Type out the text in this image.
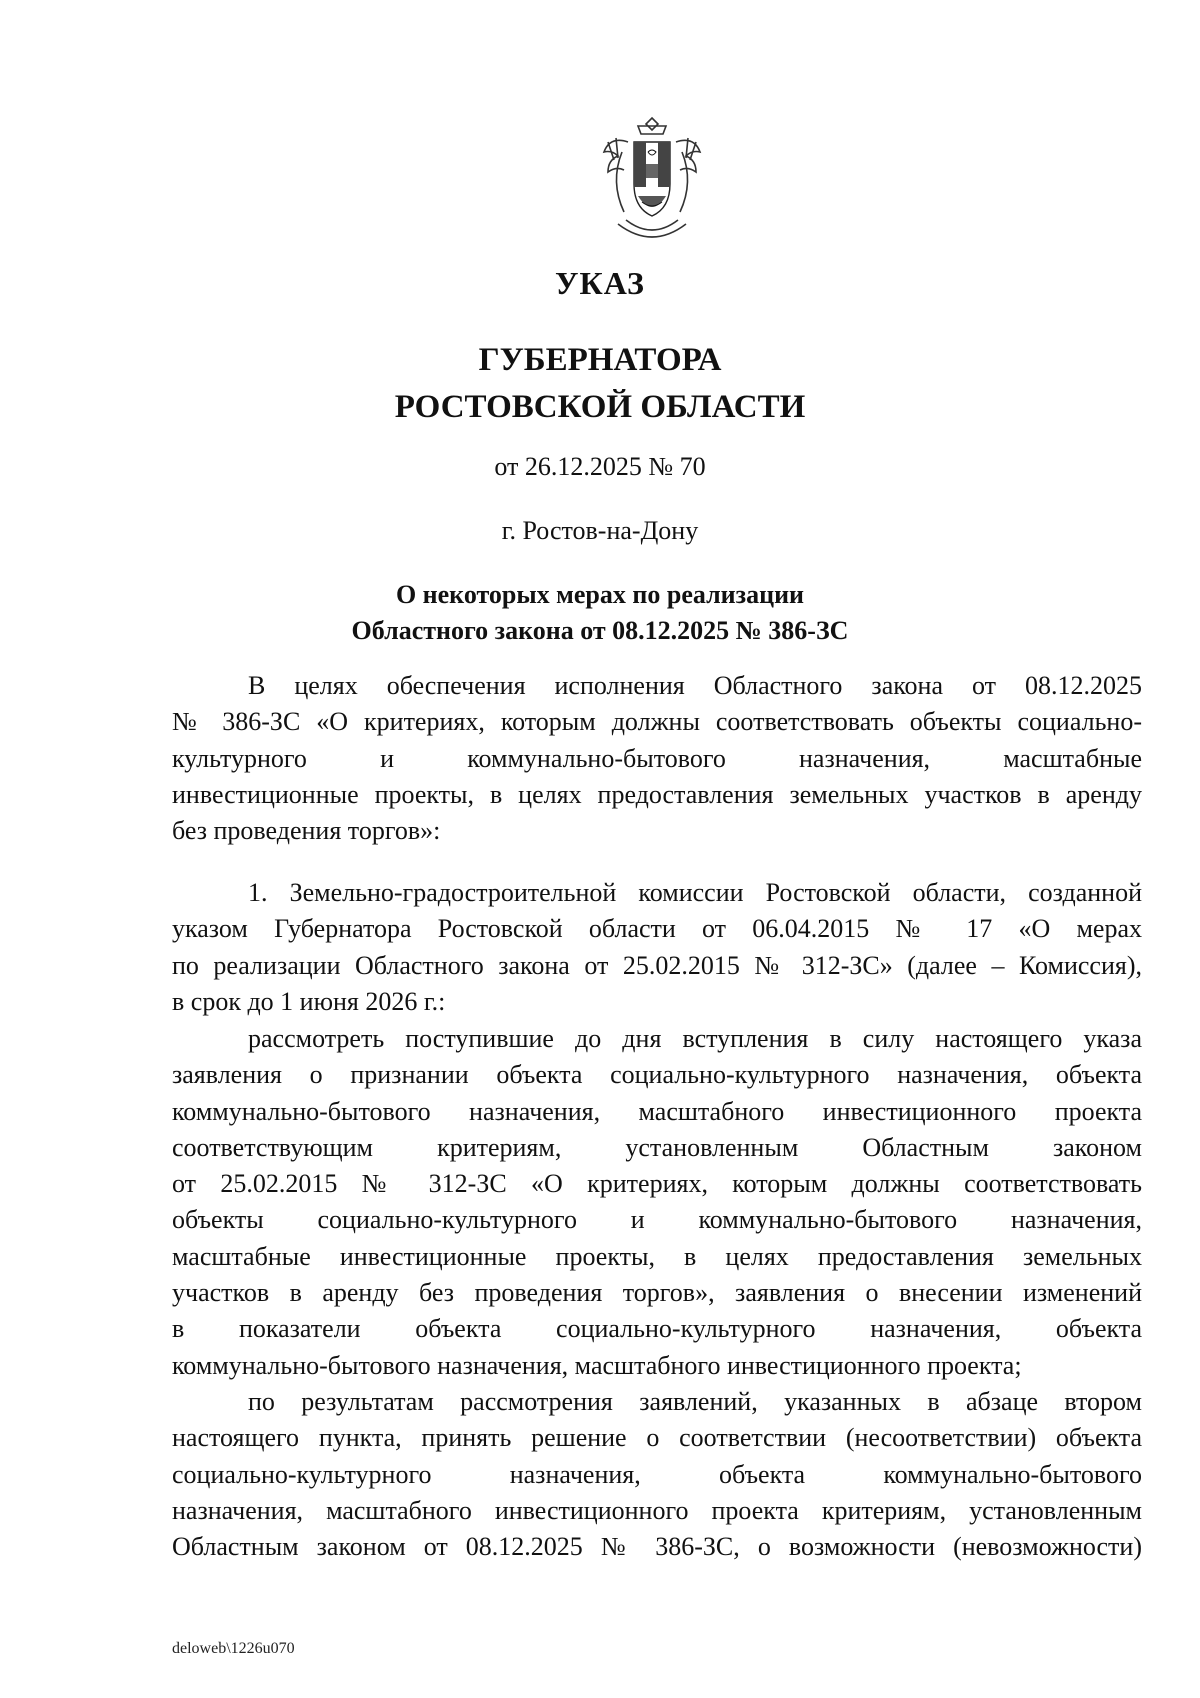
УКАЗ
ГУБЕРНАТОРА
РОСТОВСКОЙ ОБЛАСТИ
от 26.12.2025 № 70
г. Ростов-на-Дону
О некоторых мерах по реализации
Областного закона от 08.12.2025 № 386-ЗС
В целях обеспечения исполнения Областного закона от 08.12.2025
№ 386-ЗС «О критериях, которым должны соответствовать объекты социально-
культурного и коммунально-бытового назначения, масштабные
инвестиционные проекты, в целях предоставления земельных участков в аренду
без проведения торгов»:
1. Земельно-градостроительной комиссии Ростовской области, созданной
указом Губернатора Ростовской области от 06.04.2015 № 17 «О мерах
по реализации Областного закона от 25.02.2015 № 312-ЗС» (далее – Комиссия),
в срок до 1 июня 2026 г.:
рассмотреть поступившие до дня вступления в силу настоящего указа
заявления о признании объекта социально-культурного назначения, объекта
коммунально-бытового назначения, масштабного инвестиционного проекта
соответствующим критериям, установленным Областным законом
от 25.02.2015 № 312-ЗС «О критериях, которым должны соответствовать
объекты социально-культурного и коммунально-бытового назначения,
масштабные инвестиционные проекты, в целях предоставления земельных
участков в аренду без проведения торгов», заявления о внесении изменений
в показатели объекта социально-культурного назначения, объекта
коммунально-бытового назначения, масштабного инвестиционного проекта;
по результатам рассмотрения заявлений, указанных в абзаце втором
настоящего пункта, принять решение о соответствии (несоответствии) объекта
социально-культурного назначения, объекта коммунально-бытового
назначения, масштабного инвестиционного проекта критериям, установленным
Областным законом от 08.12.2025 № 386-ЗС, о возможности (невозможности)
deloweb\1226u070
